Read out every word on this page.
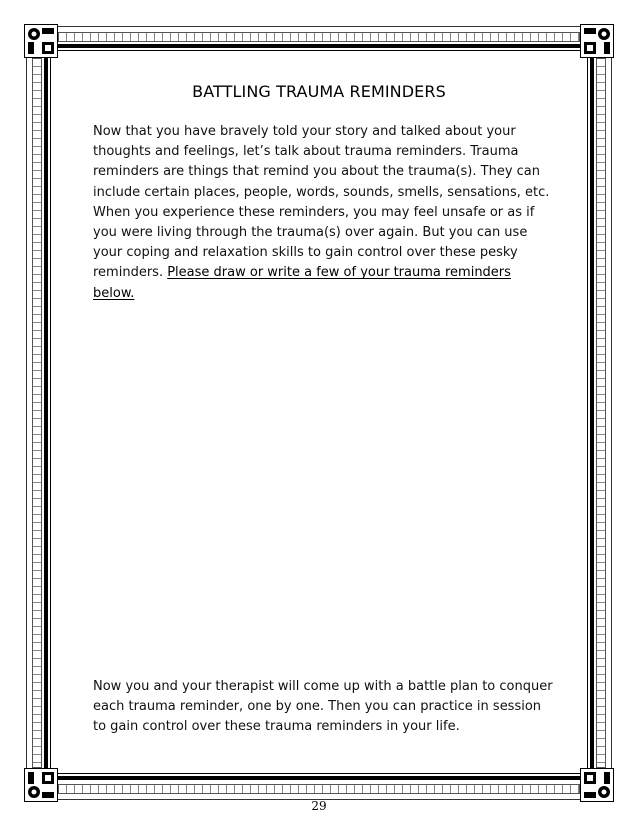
BATTLING TRAUMA REMINDERS

Now that you have bravely told your story and talked about your thoughts and feelings, let’s talk about trauma reminders. Trauma reminders are things that remind you about the trauma(s). They can include certain places, people, words, sounds, smells, sensations, etc. When you experience these reminders, you may feel unsafe or as if you were living through the trauma(s) over again. But you can use your coping and relaxation skills to gain control over these pesky reminders. Please draw or write a few of your trauma reminders below.

Now you and your therapist will come up with a battle plan to conquer each trauma reminder, one by one. Then you can practice in session to gain control over these trauma reminders in your life.

29
